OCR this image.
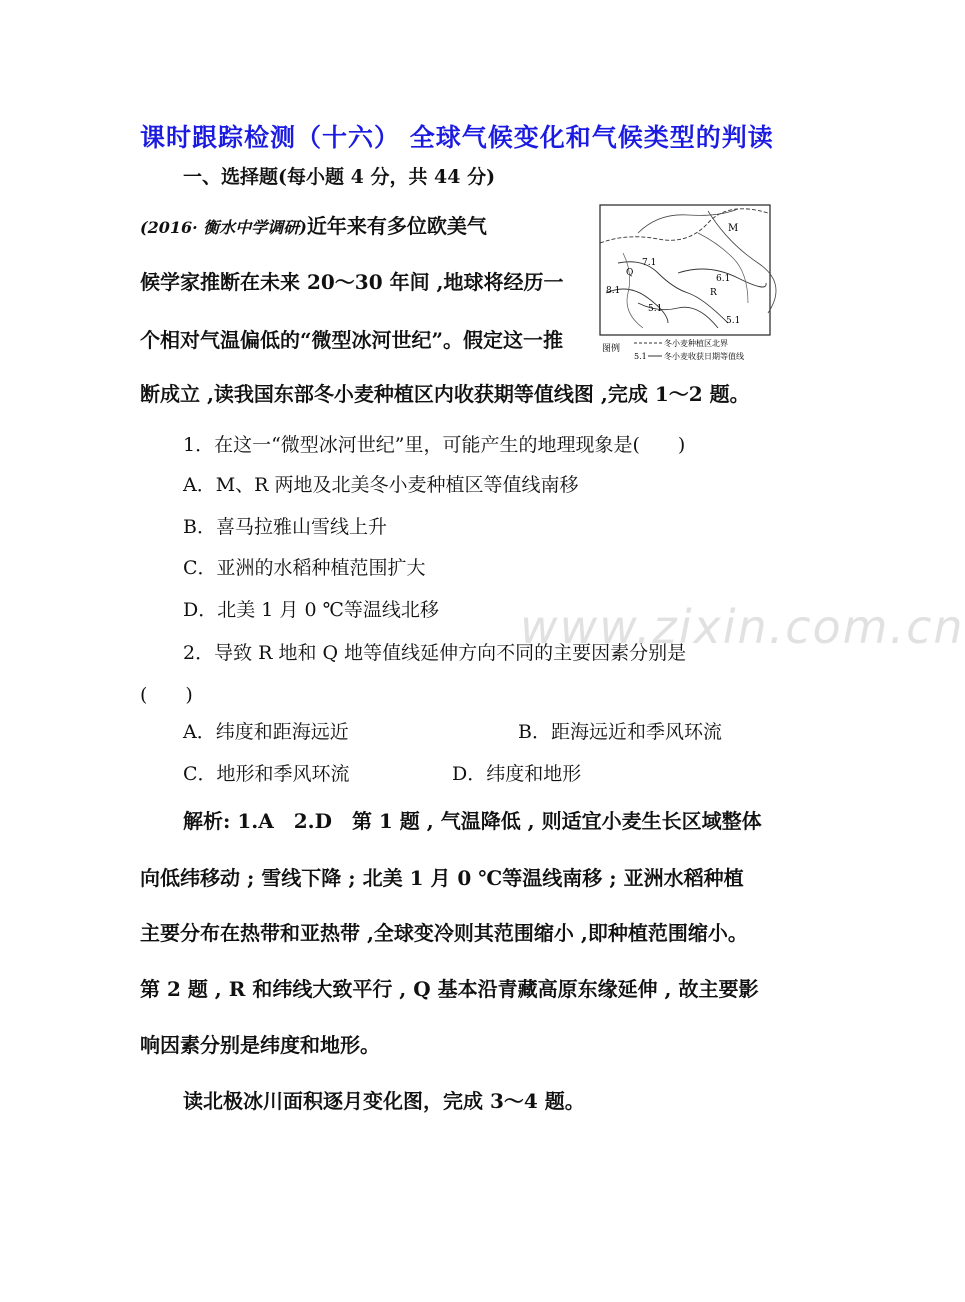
课时跟踪检测（十六） 全球气候变化和气候类型的判读
一、选择题(每小题 4 分，共 44 分)
(2016· 衡水中学调研)近年来有多位欧美气
候学家推断在未来 20～30 年间 ,地球将经历一
个相对气温偏低的“微型冰河世纪”。假定这一推
断成立 ,读我国东部冬小麦种植区内收获期等值线图 ,完成 1～2 题。
M
7.1
Q
6.1
8.1	R
5.1
5.1
图例
冬小麦种植区北界
5.1 冬小麦收获日期等值线
1．在这一“微型冰河世纪”里，可能产生的地理现象是(　　)
A．M、R 两地及北美冬小麦种植区等值线南移
B．喜马拉雅山雪线上升
C．亚洲的水稻种植范围扩大
D．北美 1 月 0 ℃等温线北移
2．导致 R 地和 Q 地等值线延伸方向不同的主要因素分别是
(　　)
A．纬度和距海远近	B．距海远近和季风环流
C．地形和季风环流	D．纬度和地形
解析: 1.A　2.D　第 1 题 , 气温降低 , 则适宜小麦生长区域整体
向低纬移动 ; 雪线下降 ; 北美 1 月 0 ℃等温线南移 ; 亚洲水稻种植
主要分布在热带和亚热带 ,全球变冷则其范围缩小 ,即种植范围缩小。
第 2 题 , R 和纬线大致平行 , Q 基本沿青藏高原东缘延伸 , 故主要影
响因素分别是纬度和地形。
读北极冰川面积逐月变化图，完成 3～4 题。
www.zixin.com.cn
